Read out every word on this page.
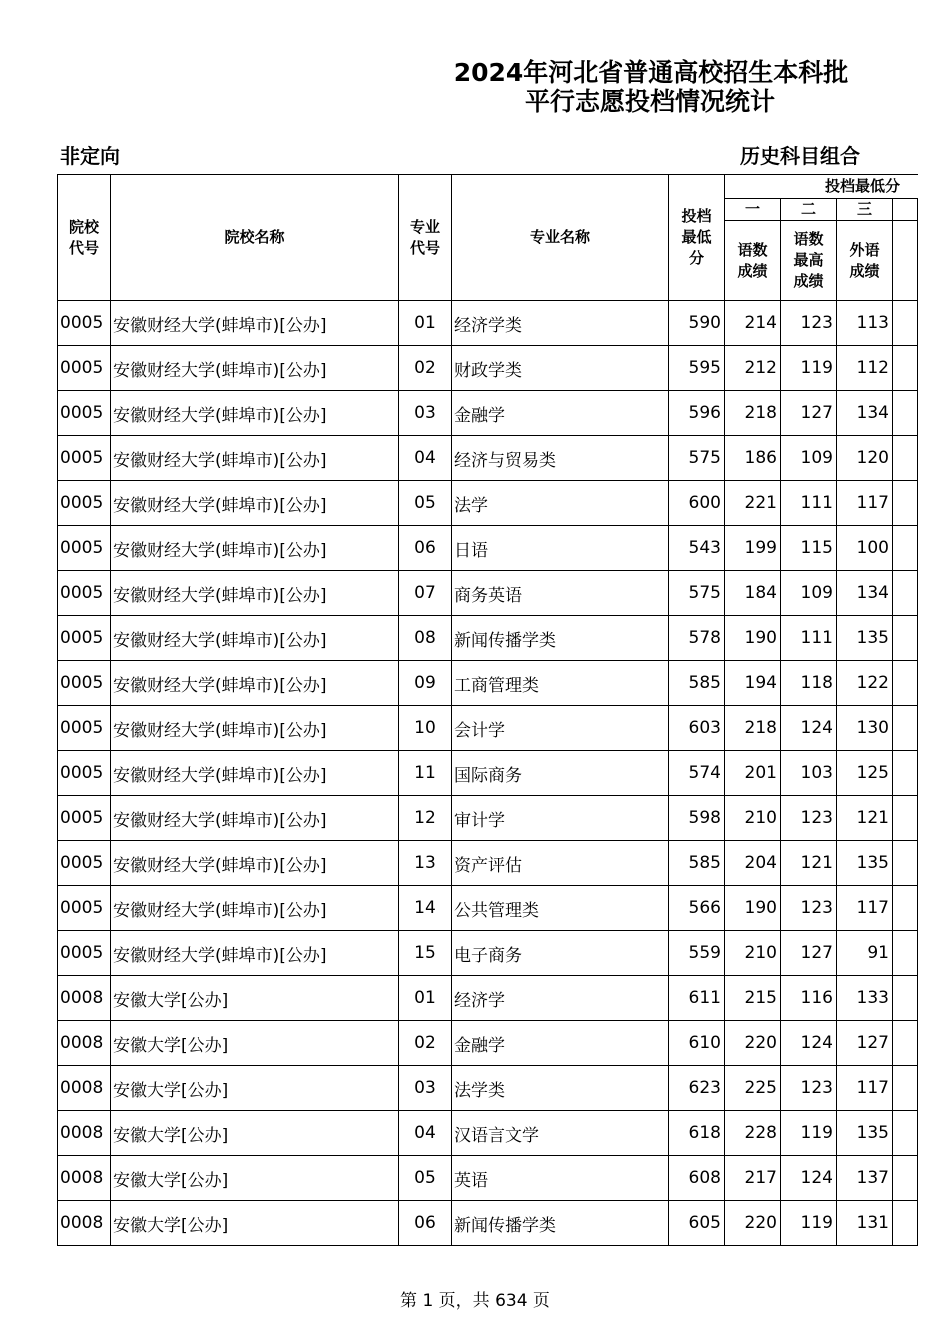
2024年河北省普通高校招生本科批
平行志愿投档情况统计
非定向	历史科目组合
院校代号	院校名称	专业代号	专业名称	投档最低分	投档最低分			
					一	二	三	
					语数成绩	语数最高成绩	外语成绩	
0005	安徽财经大学(蚌埠市)[公办]	01	经济学类	590	214	123	113	
0005	安徽财经大学(蚌埠市)[公办]	02	财政学类	595	212	119	112	
0005	安徽财经大学(蚌埠市)[公办]	03	金融学	596	218	127	134	
0005	安徽财经大学(蚌埠市)[公办]	04	经济与贸易类	575	186	109	120	
0005	安徽财经大学(蚌埠市)[公办]	05	法学	600	221	111	117	
0005	安徽财经大学(蚌埠市)[公办]	06	日语	543	199	115	100	
0005	安徽财经大学(蚌埠市)[公办]	07	商务英语	575	184	109	134	
0005	安徽财经大学(蚌埠市)[公办]	08	新闻传播学类	578	190	111	135	
0005	安徽财经大学(蚌埠市)[公办]	09	工商管理类	585	194	118	122	
0005	安徽财经大学(蚌埠市)[公办]	10	会计学	603	218	124	130	
0005	安徽财经大学(蚌埠市)[公办]	11	国际商务	574	201	103	125	
0005	安徽财经大学(蚌埠市)[公办]	12	审计学	598	210	123	121	
0005	安徽财经大学(蚌埠市)[公办]	13	资产评估	585	204	121	135	
0005	安徽财经大学(蚌埠市)[公办]	14	公共管理类	566	190	123	117	
0005	安徽财经大学(蚌埠市)[公办]	15	电子商务	559	210	127	91	
0008	安徽大学[公办]	01	经济学	611	215	116	133	
0008	安徽大学[公办]	02	金融学	610	220	124	127	
0008	安徽大学[公办]	03	法学类	623	225	123	117	
0008	安徽大学[公办]	04	汉语言文学	618	228	119	135	
0008	安徽大学[公办]	05	英语	608	217	124	137	
0008	安徽大学[公办]	06	新闻传播学类	605	220	119	131	
第 1 页，共 634 页
